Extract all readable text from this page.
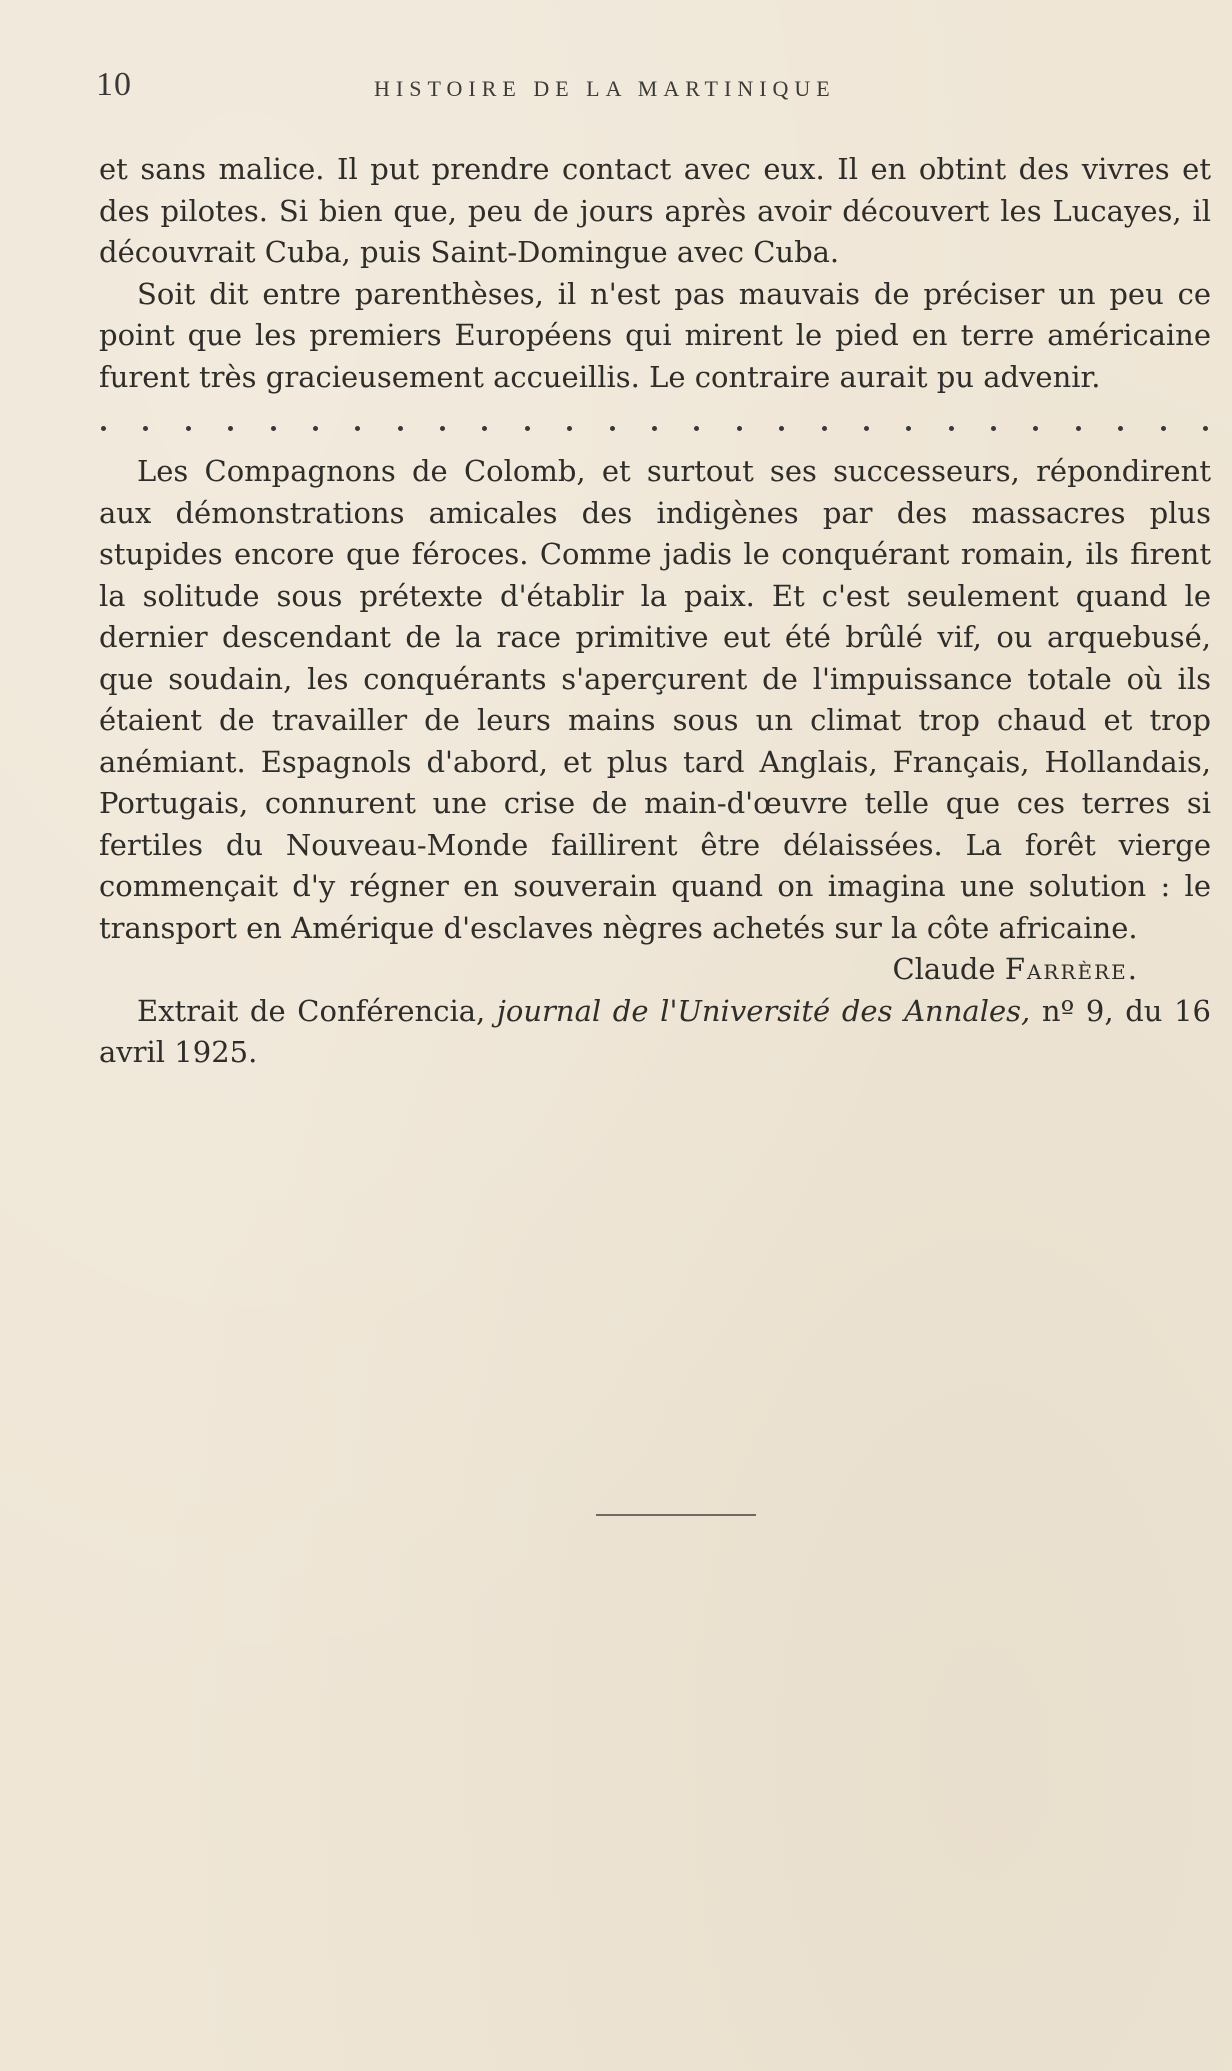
10	HISTOIRE DE LA MARTINIQUE

et sans malice. Il put prendre contact avec eux. Il en obtint des vivres et des pilotes. Si bien que, peu de jours après avoir découvert les Lucayes, il découvrait Cuba, puis Saint-Domingue avec Cuba.

Soit dit entre parenthèses, il n'est pas mauvais de préciser un peu ce point que les premiers Européens qui mirent le pied en terre américaine furent très gracieusement accueillis. Le contraire aurait pu advenir.

Les Compagnons de Colomb, et surtout ses successeurs, répondirent aux démonstrations amicales des indigènes par des massacres plus stupides encore que féroces. Comme jadis le conquérant romain, ils firent la solitude sous prétexte d'établir la paix. Et c'est seulement quand le dernier descendant de la race primitive eut été brûlé vif, ou arquebusé, que soudain, les conquérants s'aperçurent de l'impuissance totale où ils étaient de travailler de leurs mains sous un climat trop chaud et trop anémiant. Espagnols d'abord, et plus tard Anglais, Français, Hollandais, Portugais, connurent une crise de main-d'œuvre telle que ces terres si fertiles du Nouveau-Monde faillirent être délaissées. La forêt vierge commençait d'y régner en souverain quand on imagina une solution : le transport en Amérique d'esclaves nègres achetés sur la côte africaine.

Claude Farrère.

Extrait de Conférencia, journal de l'Université des Annales, nº 9, du 16 avril 1925.
